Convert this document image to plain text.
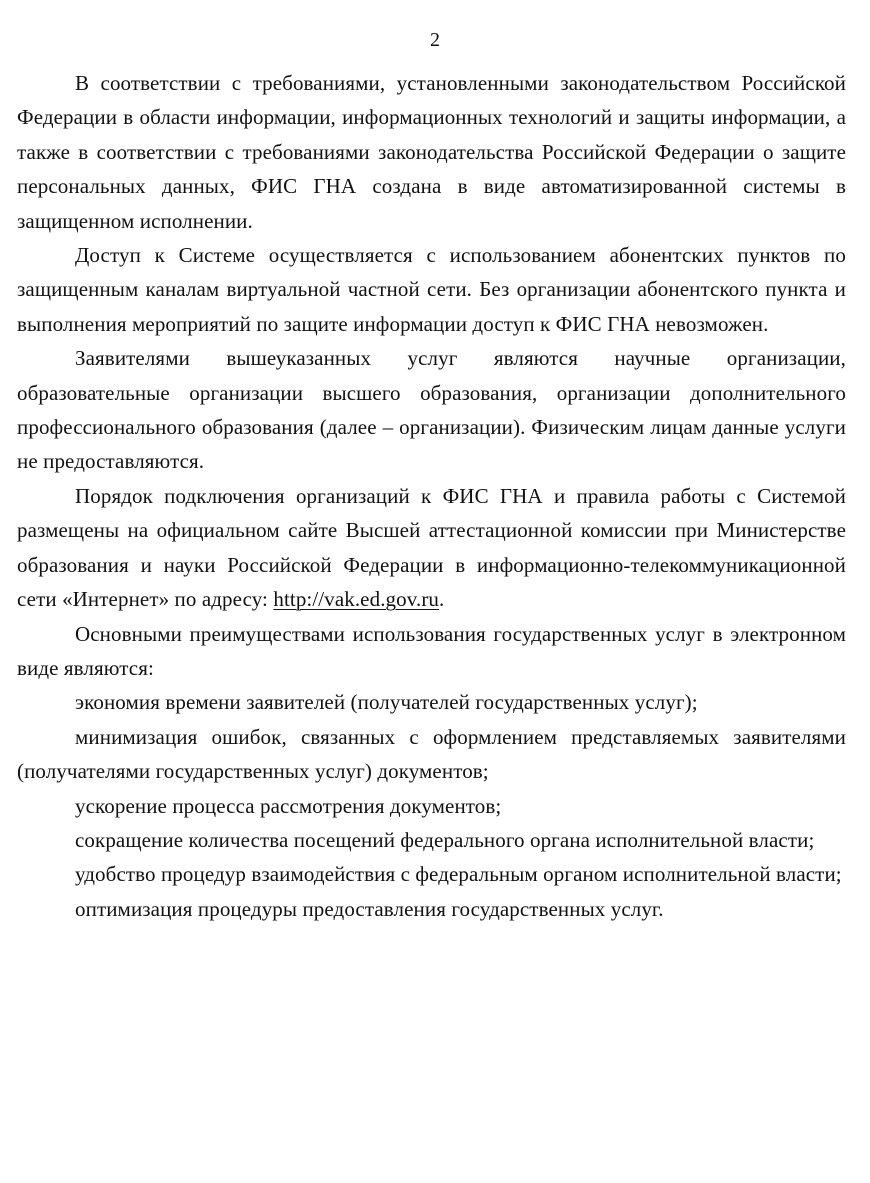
2

В соответствии с требованиями, установленными законодательством Российской Федерации в области информации, информационных технологий и защиты информации, а также в соответствии с требованиями законодательства Российской Федерации о защите персональных данных, ФИС ГНА создана в виде автоматизированной системы в защищенном исполнении.

Доступ к Системе осуществляется с использованием абонентских пунктов по защищенным каналам виртуальной частной сети. Без организации абонентского пункта и выполнения мероприятий по защите информации доступ к ФИС ГНА невозможен.

Заявителями вышеуказанных услуг являются научные организации, образовательные организации высшего образования, организации дополнительного профессионального образования (далее – организации). Физическим лицам данные услуги не предоставляются.

Порядок подключения организаций к ФИС ГНА и правила работы с Системой размещены на официальном сайте Высшей аттестационной комиссии при Министерстве образования и науки Российской Федерации в информационно-телекоммуникационной сети «Интернет» по адресу: http://vak.ed.gov.ru.

Основными преимуществами использования государственных услуг в электронном виде являются:

экономия времени заявителей (получателей государственных услуг);

минимизация ошибок, связанных с оформлением представляемых заявителями (получателями государственных услуг) документов;

ускорение процесса рассмотрения документов;

сокращение количества посещений федерального органа исполнительной власти;

удобство процедур взаимодействия с федеральным органом исполнительной власти;

оптимизация процедуры предоставления государственных услуг.
